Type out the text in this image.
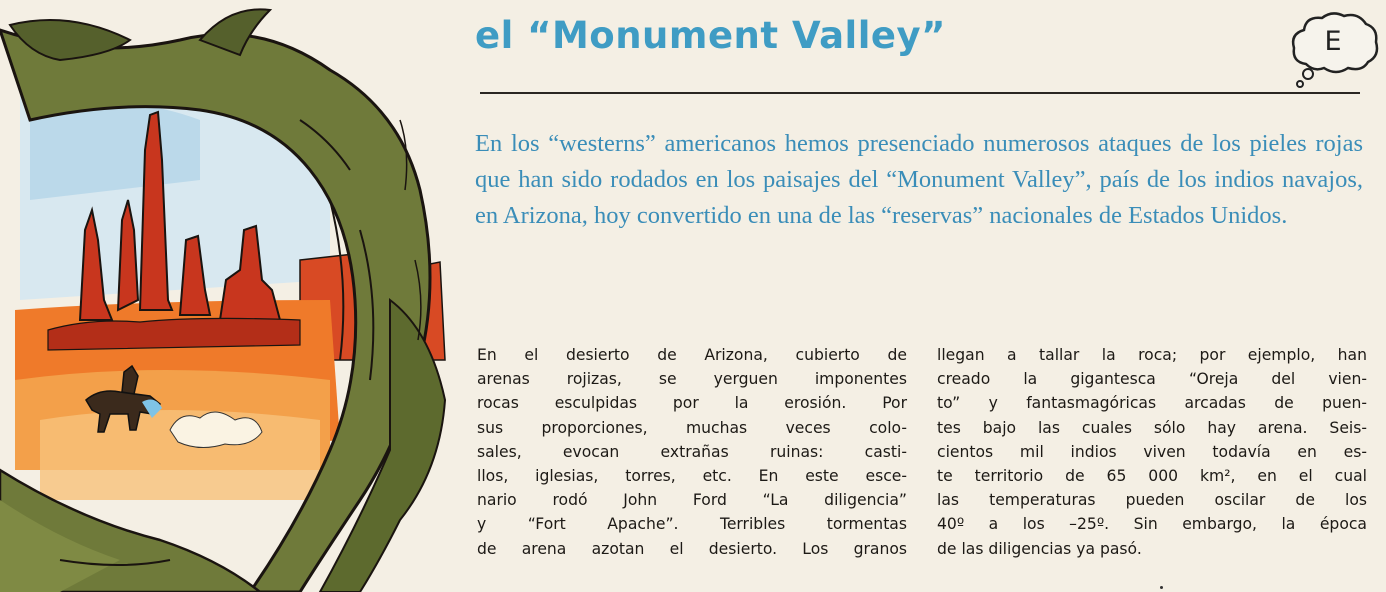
el “Monument Valley”	E

En los “westerns” americanos hemos presenciado numerosos ataques de los pieles rojas que han sido rodados en los paisajes del “Monument Valley”, país de los indios navajos, en Arizona, hoy convertido en una de las “reservas” nacionales de Estados Unidos.

En el desierto de Arizona, cubierto de
arenas rojizas, se yerguen imponentes
rocas esculpidas por la erosión. Por
sus proporciones, muchas veces colo-
sales, evocan extrañas ruinas: casti-
llos, iglesias, torres, etc. En este esce-
nario rodó John Ford “La diligencia”
y “Fort Apache”. Terribles tormentas
de arena azotan el desierto. Los granos
llegan a tallar la roca; por ejemplo, han
creado la gigantesca “Oreja del vien-
to” y fantasmagóricas arcadas de puen-
tes bajo las cuales sólo hay arena. Seis-
cientos mil indios viven todavía en es-
te territorio de 65 000 km², en el cual
las temperaturas pueden oscilar de los
40º a los –25º. Sin embargo, la época
de las diligencias ya pasó.
